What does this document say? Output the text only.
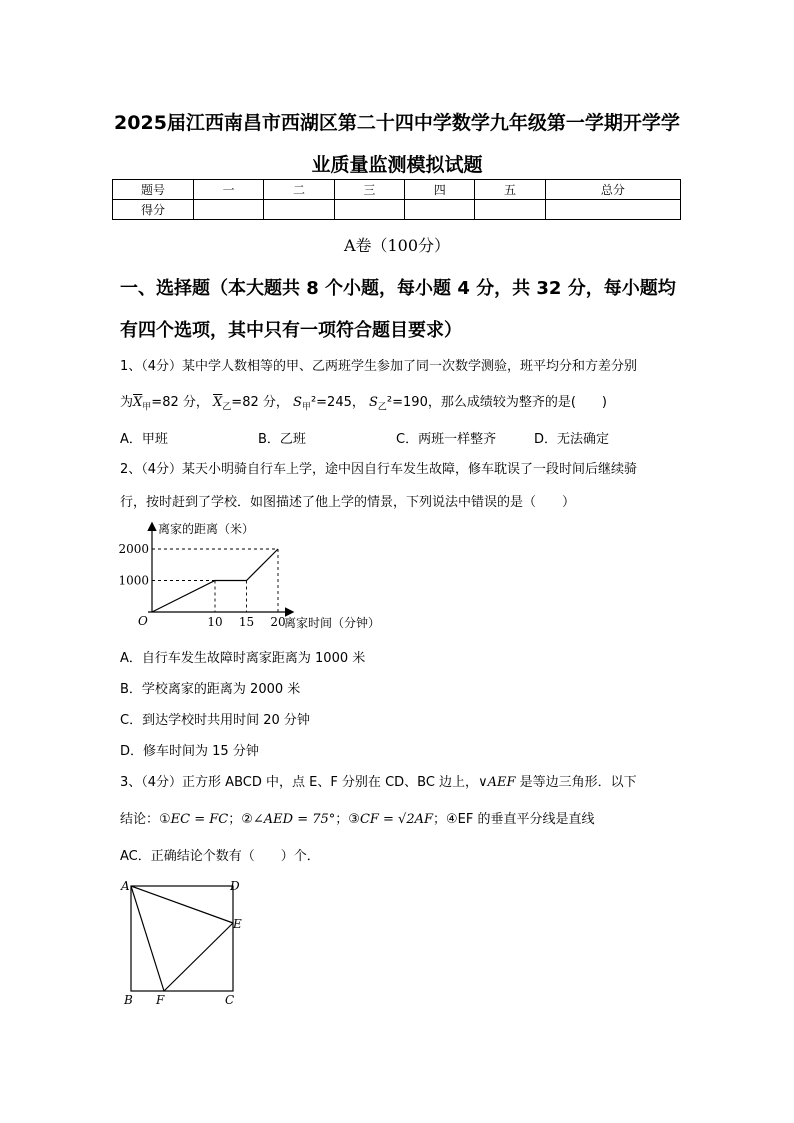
2025届江西南昌市西湖区第二十四中学数学九年级第一学期开学学
业质量监测模拟试题
题号	一	二	三	四	五	总分
得分						
A卷（100分）
一、选择题（本大题共 8 个小题，每小题 4 分，共 32 分，每小题均
有四个选项，其中只有一项符合题目要求）
1、（4分）某中学人数相等的甲、乙两班学生参加了同一次数学测验，班平均分和方差分别
为$\overline{X}_甲=82$ 分， $\overline{X}_乙=82$ 分， $S_甲^2=245$， $S_乙^2=190$，那么成绩较为整齐的是(　　)
A．甲班	B．乙班	C．两班一样整齐	D．无法确定
2、（4分）某天小明骑自行车上学，途中因自行车发生故障，修车耽误了一段时间后继续骑
行，按时赶到了学校．如图描述了他上学的情景，下列说法中错误的是（　　）
离家的距离（米）
离家时间（分钟）
O
1000
2000
10 15 20
A．自行车发生故障时离家距离为 1000 米
B．学校离家的距离为 2000 米
C．到达学校时共用时间 20 分钟
D．修车时间为 15 分钟
3、（4分）正方形 ABCD 中，点 E、F 分别在 CD、BC 边上，∨AEF 是等边三角形．以下
结论：①EC = FC；②∠AED = 75°；③CF = √2AF；④EF 的垂直平分线是直线
AC．正确结论个数有（　　）个．
A	D
E
B F	C
